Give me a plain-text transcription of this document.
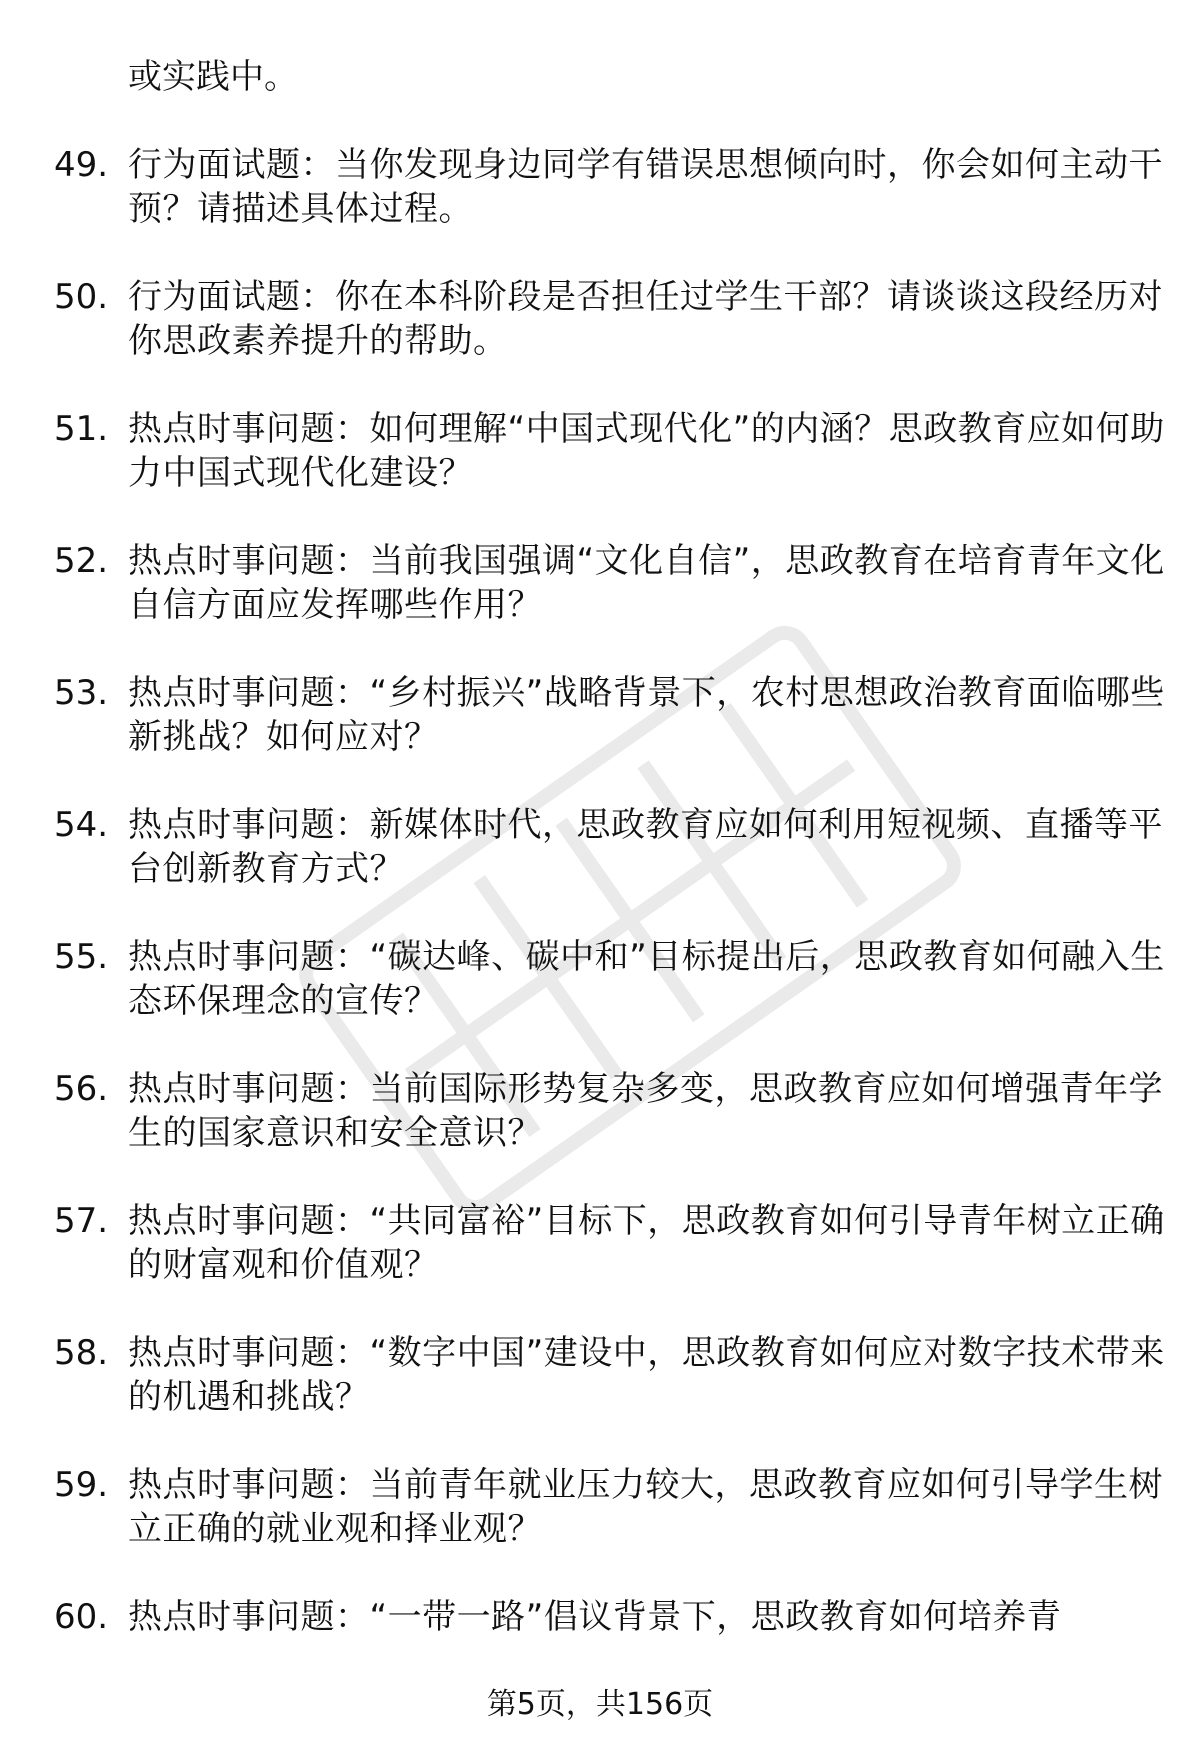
或实践中。
49. 行为面试题：当你发现身边同学有错误思想倾向时，你会如何主动干预？请描述具体过程。
50. 行为面试题：你在本科阶段是否担任过学生干部？请谈谈这段经历对你思政素养提升的帮助。
51. 热点时事问题：如何理解“中国式现代化”的内涵？思政教育应如何助力中国式现代化建设？
52. 热点时事问题：当前我国强调“文化自信”，思政教育在培育青年文化自信方面应发挥哪些作用？
53. 热点时事问题：“乡村振兴”战略背景下，农村思想政治教育面临哪些新挑战？如何应对？
54. 热点时事问题：新媒体时代，思政教育应如何利用短视频、直播等平台创新教育方式？
55. 热点时事问题：“碳达峰、碳中和”目标提出后，思政教育如何融入生态环保理念的宣传？
56. 热点时事问题：当前国际形势复杂多变，思政教育应如何增强青年学生的国家意识和安全意识？
57. 热点时事问题：“共同富裕”目标下，思政教育如何引导青年树立正确的财富观和价值观？
58. 热点时事问题：“数字中国”建设中，思政教育如何应对数字技术带来的机遇和挑战？
59. 热点时事问题：当前青年就业压力较大，思政教育应如何引导学生树立正确的就业观和择业观？
60. 热点时事问题：“一带一路”倡议背景下，思政教育如何培养青
第5页，共156页
